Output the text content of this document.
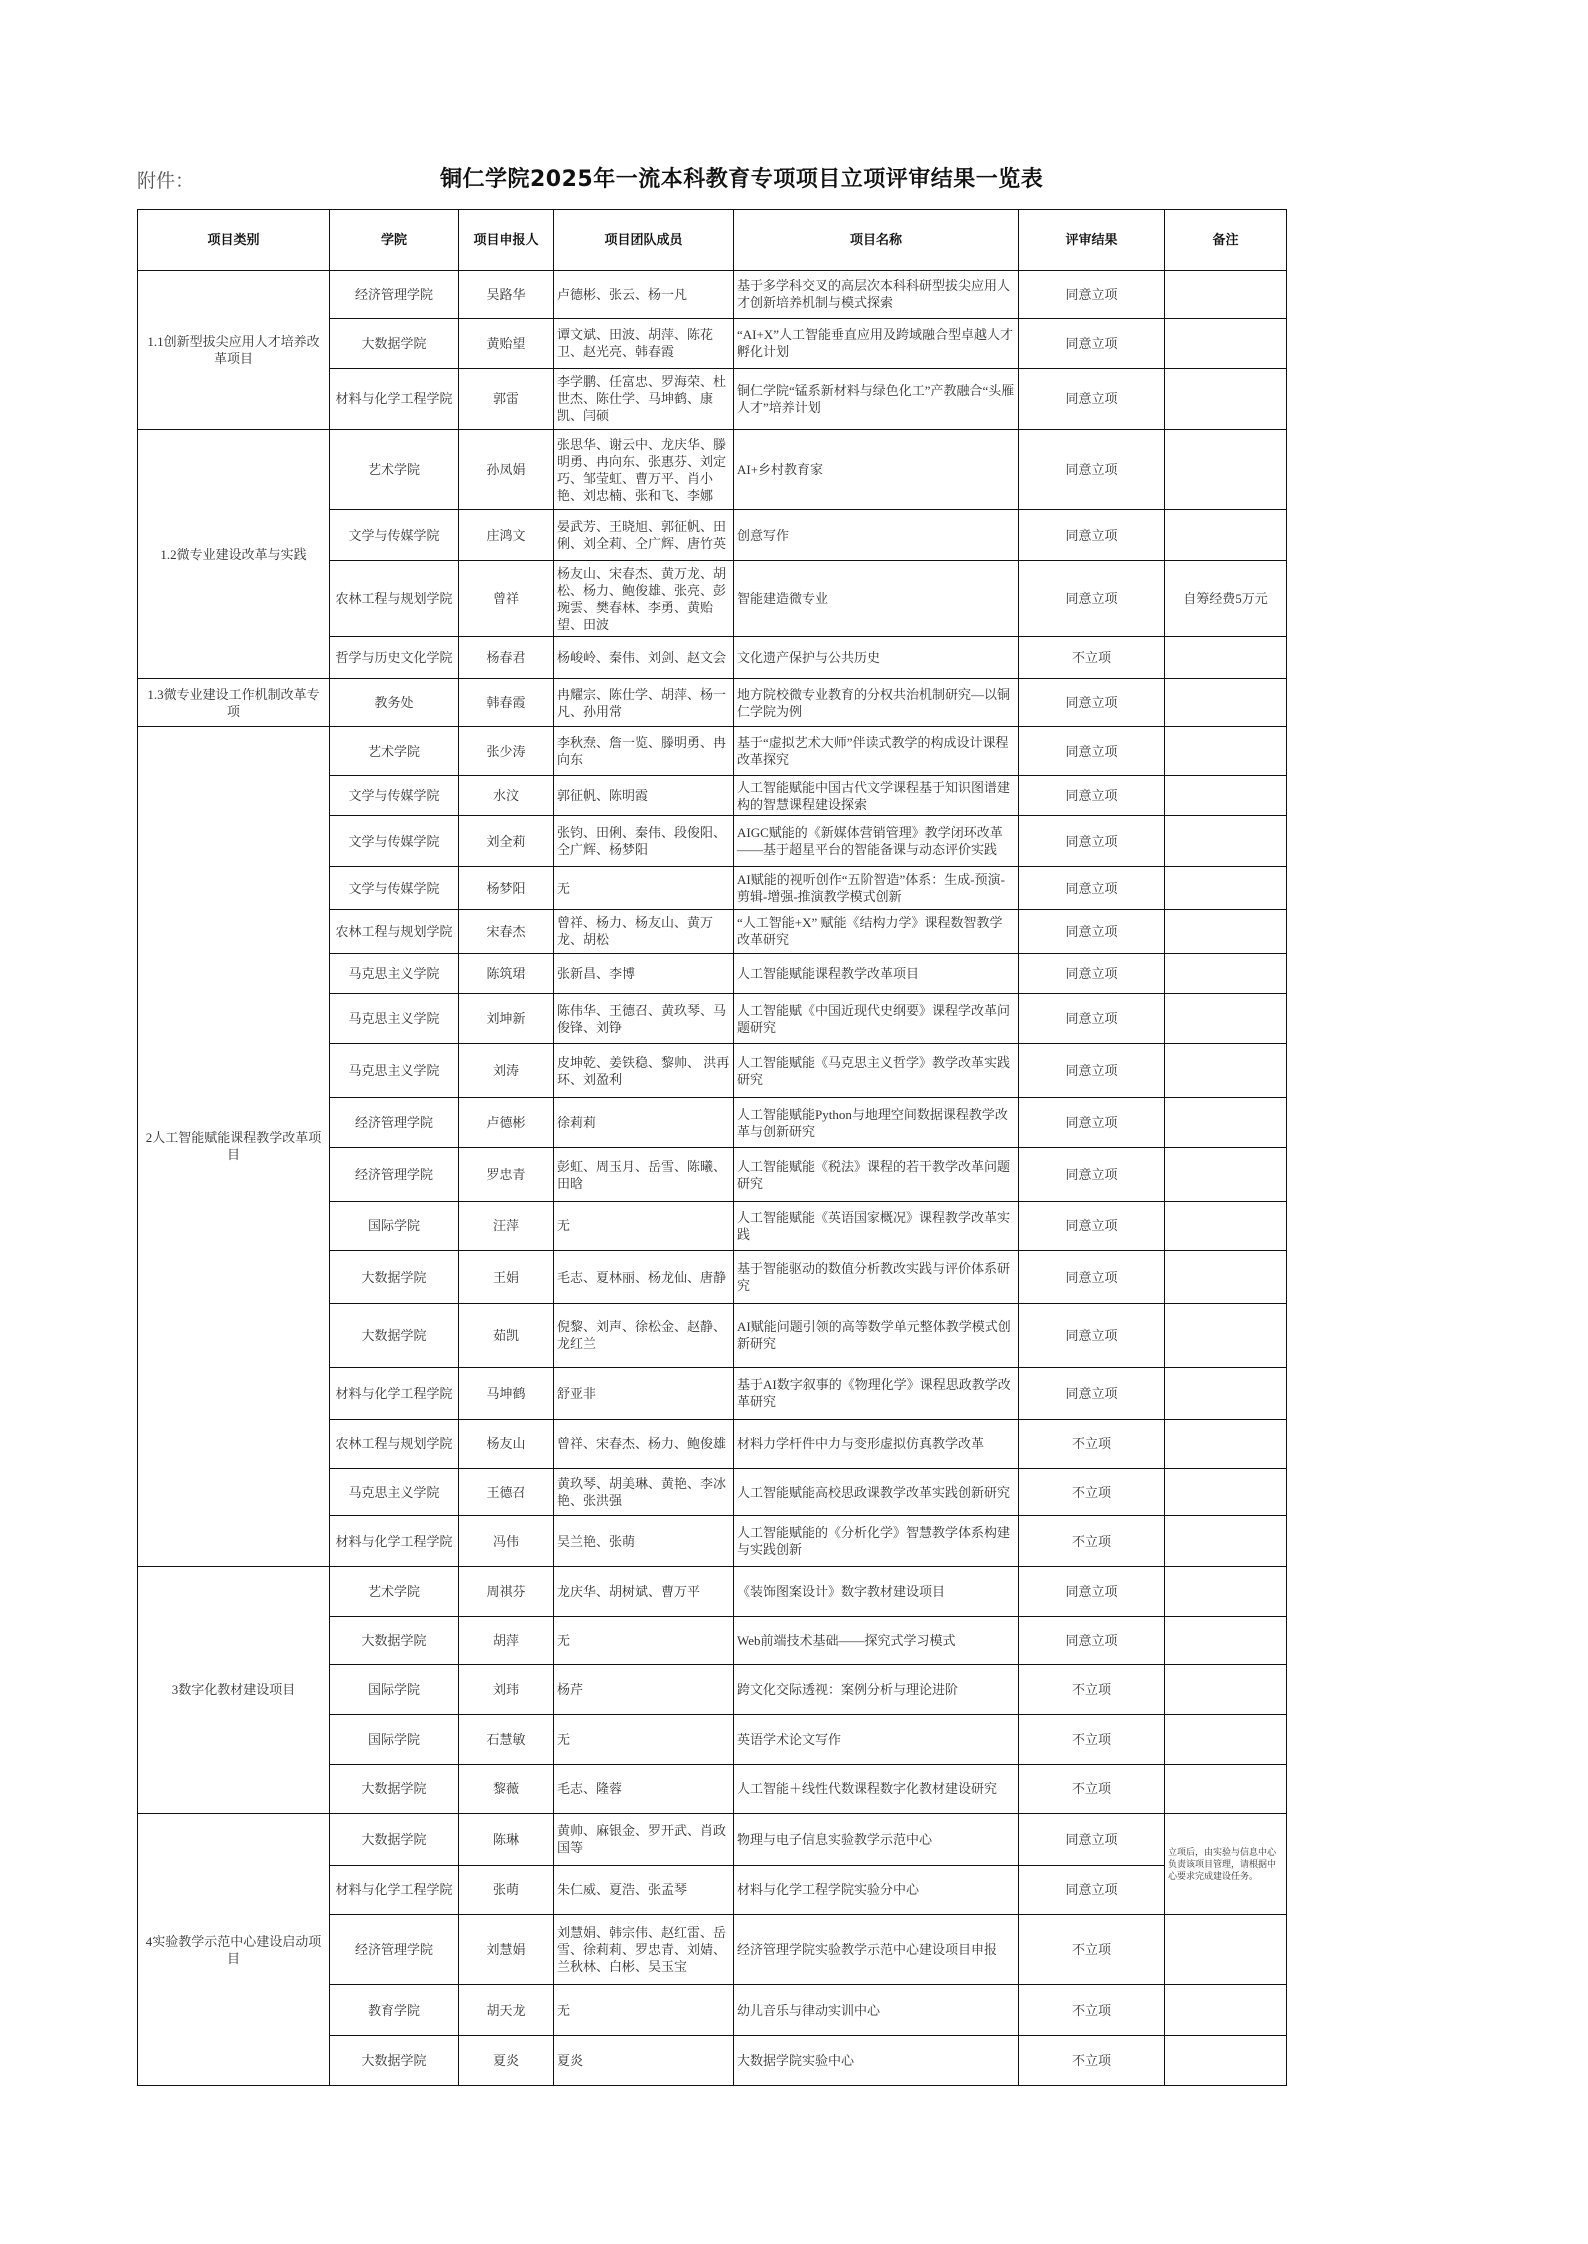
附件：	铜仁学院2025年一流本科教育专项项目立项评审结果一览表
项目类别	学院	项目申报人	项目团队成员	项目名称	评审结果	备注
1.1创新型拔尖应用人才培养改革项目	经济管理学院	吴路华	卢德彬、张云、杨一凡	基于多学科交叉的高层次本科科研型拔尖应用人才创新培养机制与模式探索	同意立项	
	大数据学院	黄贻望	谭文斌、田波、胡萍、陈花卫、赵光亮、韩春霞	“AI+X”人工智能垂直应用及跨域融合型卓越人才孵化计划	同意立项	
	材料与化学工程学院	郭雷	李学鹏、任富忠、罗海荣、杜世杰、陈仕学、马坤鹤、康凯、闫硕	铜仁学院“锰系新材料与绿色化工”产教融合“头雁人才”培养计划	同意立项	
1.2微专业建设改革与实践	艺术学院	孙凤娟	张思华、谢云中、龙庆华、滕明勇、冉向东、张惠芬、刘定巧、邹莹虹、曹万平、肖小艳、刘忠楠、张和飞、李娜	AI+乡村教育家	同意立项	
	文学与传媒学院	庄鸿文	晏武芳、王晓旭、郭征帆、田俐、刘全莉、仝广辉、唐竹英	创意写作	同意立项	
	农林工程与规划学院	曾祥	杨友山、宋春杰、黄万龙、胡松、杨力、鲍俊雄、张亮、彭琬雲、樊春林、李勇、黄贻望、田波	智能建造微专业	同意立项	自筹经费5万元
	哲学与历史文化学院	杨春君	杨峻岭、秦伟、刘剑、赵文会	文化遗产保护与公共历史	不立项	
1.3微专业建设工作机制改革专项	教务处	韩春霞	冉耀宗、陈仕学、胡萍、杨一凡、孙用常	地方院校微专业教育的分权共治机制研究—以铜仁学院为例	同意立项	
2人工智能赋能课程教学改革项目	艺术学院	张少涛	李秋焘、詹一览、滕明勇、冉向东	基于“虚拟艺术大师”伴读式教学的构成设计课程改革探究	同意立项	
	文学与传媒学院	水汶	郭征帆、陈明霞	人工智能赋能中国古代文学课程基于知识图谱建构的智慧课程建设探索	同意立项	
	文学与传媒学院	刘全莉	张钧、田俐、秦伟、段俊阳、仝广辉、杨梦阳	AIGC赋能的《新媒体营销管理》教学闭环改革——基于超星平台的智能备课与动态评价实践	同意立项	
	文学与传媒学院	杨梦阳	无	AI赋能的视听创作“五阶智造”体系：生成-预演-剪辑-增强-推演教学模式创新	同意立项	
	农林工程与规划学院	宋春杰	曾祥、杨力、杨友山、黄万龙、胡松	“人工智能+X” 赋能《结构力学》课程数智教学改革研究	同意立项	
	马克思主义学院	陈筑珺	张新昌、李博	人工智能赋能课程教学改革项目	同意立项	
	马克思主义学院	刘坤新	陈伟华、王德召、黄玖琴、马俊锋、刘铮	人工智能赋《中国近现代史纲要》课程学改革问题研究	同意立项	
	马克思主义学院	刘涛	皮坤乾、姜铁稳、黎帅、 洪再环、刘盈利	人工智能赋能《马克思主义哲学》教学改革实践研究	同意立项	
	经济管理学院	卢德彬	徐莉莉	人工智能赋能Python与地理空间数据课程教学改革与创新研究	同意立项	
	经济管理学院	罗忠青	彭虹、周玉月、岳雪、陈曦、田晗	人工智能赋能《税法》课程的若干教学改革问题研究	同意立项	
	国际学院	汪萍	无	人工智能赋能《英语国家概况》课程教学改革实践	同意立项	
	大数据学院	王娟	毛志、夏林丽、杨龙仙、唐静	基于智能驱动的数值分析教改实践与评价体系研究	同意立项	
	大数据学院	茹凯	倪黎、刘声、徐松金、赵静、龙红兰	AI赋能问题引领的高等数学单元整体教学模式创新研究	同意立项	
	材料与化学工程学院	马坤鹤	舒亚非	基于AI数字叙事的《物理化学》课程思政教学改革研究	同意立项	
	农林工程与规划学院	杨友山	曾祥、宋春杰、杨力、鲍俊雄	材料力学杆件中力与变形虚拟仿真教学改革	不立项	
	马克思主义学院	王德召	黄玖琴、胡美琳、黄艳、李冰艳、张洪强	人工智能赋能高校思政课教学改革实践创新研究	不立项	
	材料与化学工程学院	冯伟	吴兰艳、张萌	人工智能赋能的《分析化学》智慧教学体系构建与实践创新	不立项	
3数字化教材建设项目	艺术学院	周祺芬	龙庆华、胡树斌、曹万平	《装饰图案设计》数字教材建设项目	同意立项	
	大数据学院	胡萍	无	Web前端技术基础——探究式学习模式	同意立项	
	国际学院	刘玮	杨芹	跨文化交际透视：案例分析与理论进阶	不立项	
	国际学院	石慧敏	无	英语学术论文写作	不立项	
	大数据学院	黎薇	毛志、隆蓉	人工智能＋线性代数课程数字化教材建设研究	不立项	
4实验教学示范中心建设启动项目	大数据学院	陈琳	黄帅、麻银金、罗开武、肖政国等	物理与电子信息实验教学示范中心	同意立项	立项后，由实验与信息中心负责该项目管理，请根据中心要求完成建设任务。
	材料与化学工程学院	张萌	朱仁威、夏浩、张孟琴	材料与化学工程学院实验分中心	同意立项	
	经济管理学院	刘慧娟	刘慧娟、韩宗伟、赵红雷、岳雪、徐莉莉、罗忠青、刘婧、兰秋林、白彬、吴玉宝	经济管理学院实验教学示范中心建设项目申报	不立项	
	教育学院	胡天龙	无	幼儿音乐与律动实训中心	不立项	
	大数据学院	夏炎	夏炎	大数据学院实验中心	不立项	
